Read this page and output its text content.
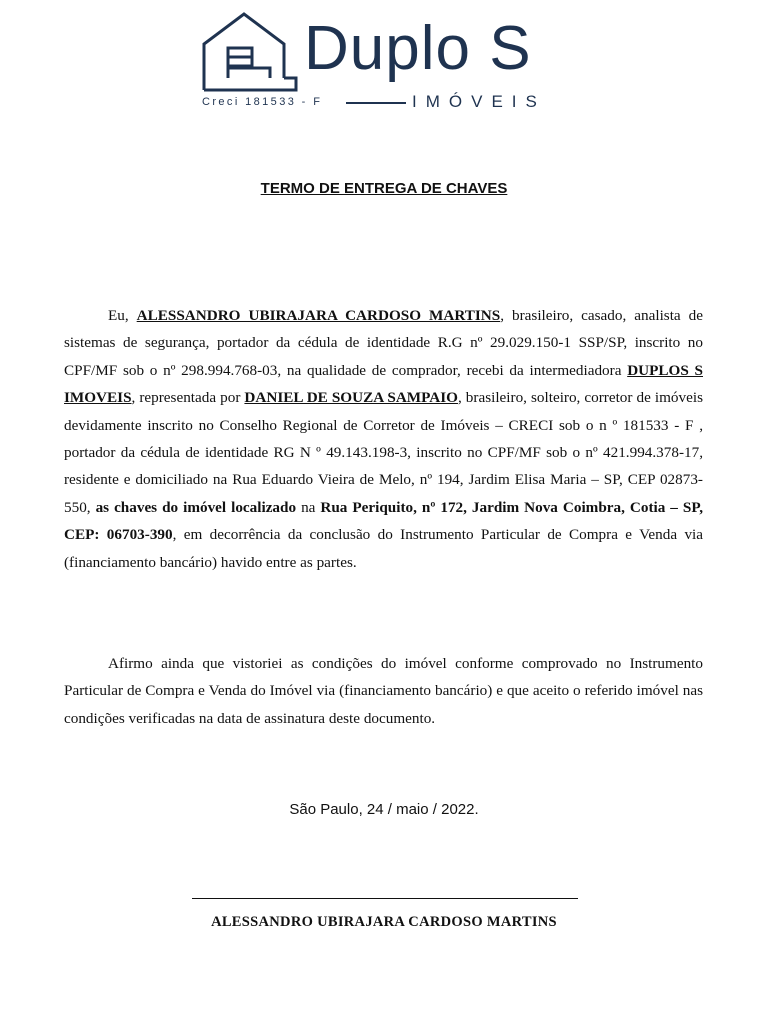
Duplo S
Creci 181533 - F	IMÓVEIS
TERMO DE ENTREGA DE CHAVES

Eu, ALESSANDRO UBIRAJARA CARDOSO MARTINS, brasileiro, casado, analista de sistemas de segurança, portador da cédula de identidade R.G nº 29.029.150-1 SSP/SP, inscrito no CPF/MF sob o nº 298.994.768-03, na qualidade de comprador, recebi da intermediadora DUPLOS S IMOVEIS, representada por DANIEL DE SOUZA SAMPAIO, brasileiro, solteiro, corretor de imóveis devidamente inscrito no Conselho Regional de Corretor de Imóveis – CRECI sob o n º 181533 - F , portador da cédula de identidade RG N º 49.143.198-3, inscrito no CPF/MF sob o nº 421.994.378-17, residente e domiciliado na Rua Eduardo Vieira de Melo, nº 194, Jardim Elisa Maria – SP, CEP 02873-550, as chaves do imóvel localizado na Rua Periquito, nº 172, Jardim Nova Coimbra, Cotia – SP, CEP: 06703-390, em decorrência da conclusão do Instrumento Particular de Compra e Venda via (financiamento bancário) havido entre as partes.

Afirmo ainda que vistoriei as condições do imóvel conforme comprovado no Instrumento Particular de Compra e Venda do Imóvel via (financiamento bancário) e que aceito o referido imóvel nas condições verificadas na data de assinatura deste documento.

São Paulo, 24 / maio / 2022.
ALESSANDRO UBIRAJARA CARDOSO MARTINS
